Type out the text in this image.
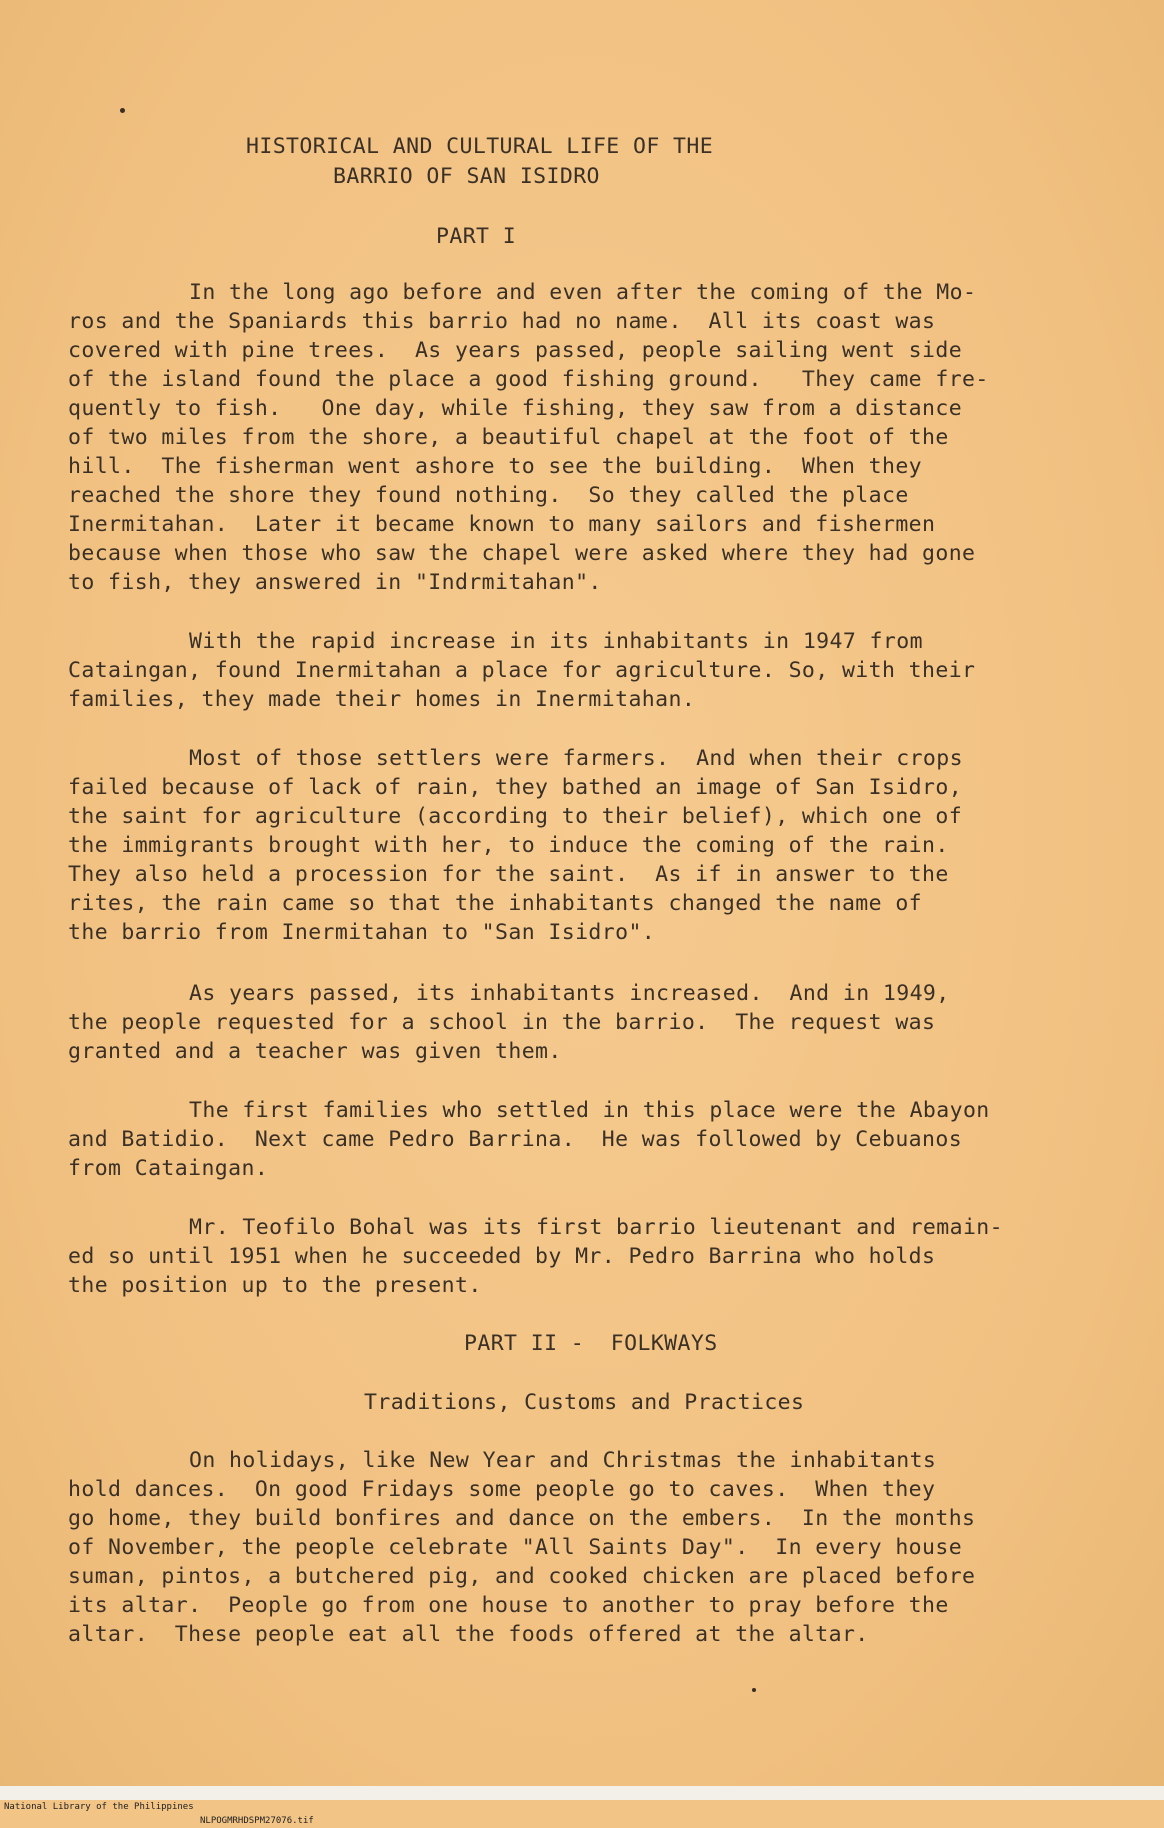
HISTORICAL AND CULTURAL LIFE OF THE
BARRIO OF SAN ISIDRO
PART I
In the long ago before and even after the coming of the Mo-
ros and the Spaniards this barrio had no name.  All its coast was
covered with pine trees.  As years passed, people sailing went side
of the island found the place a good fishing ground.   They came fre-
quently to fish.   One day, while fishing, they saw from a distance
of two miles from the shore, a beautiful chapel at the foot of the
hill.  The fisherman went ashore to see the building.  When they
reached the shore they found nothing.  So they called the place
Inermitahan.  Later it became known to many sailors and fishermen
because when those who saw the chapel were asked where they had gone
to fish, they answered in "Indrmitahan".
With the rapid increase in its inhabitants in 1947 from
Cataingan, found Inermitahan a place for agriculture. So, with their
families, they made their homes in Inermitahan.
Most of those settlers were farmers.  And when their crops
failed because of lack of rain, they bathed an image of San Isidro,
the saint for agriculture (according to their belief), which one of
the immigrants brought with her, to induce the coming of the rain.
They also held a procession for the saint.  As if in answer to the
rites, the rain came so that the inhabitants changed the name of
the barrio from Inermitahan to "San Isidro".
As years passed, its inhabitants increased.  And in 1949,
the people requested for a school in the barrio.  The request was
granted and a teacher was given them.
The first families who settled in this place were the Abayon
and Batidio.  Next came Pedro Barrina.  He was followed by Cebuanos
from Cataingan.
Mr. Teofilo Bohal was its first barrio lieutenant and remain-
ed so until 1951 when he succeeded by Mr. Pedro Barrina who holds
the position up to the present.
PART II -  FOLKWAYS
Traditions, Customs and Practices
On holidays, like New Year and Christmas the inhabitants
hold dances.  On good Fridays some people go to caves.  When they
go home, they build bonfires and dance on the embers.  In the months
of November, the people celebrate "All Saints Day".  In every house
suman, pintos, a butchered pig, and cooked chicken are placed before
its altar.  People go from one house to another to pray before the
altar.  These people eat all the foods offered at the altar.

National Library of the Philippines

NLPOGMRHDSPM27076.tif
